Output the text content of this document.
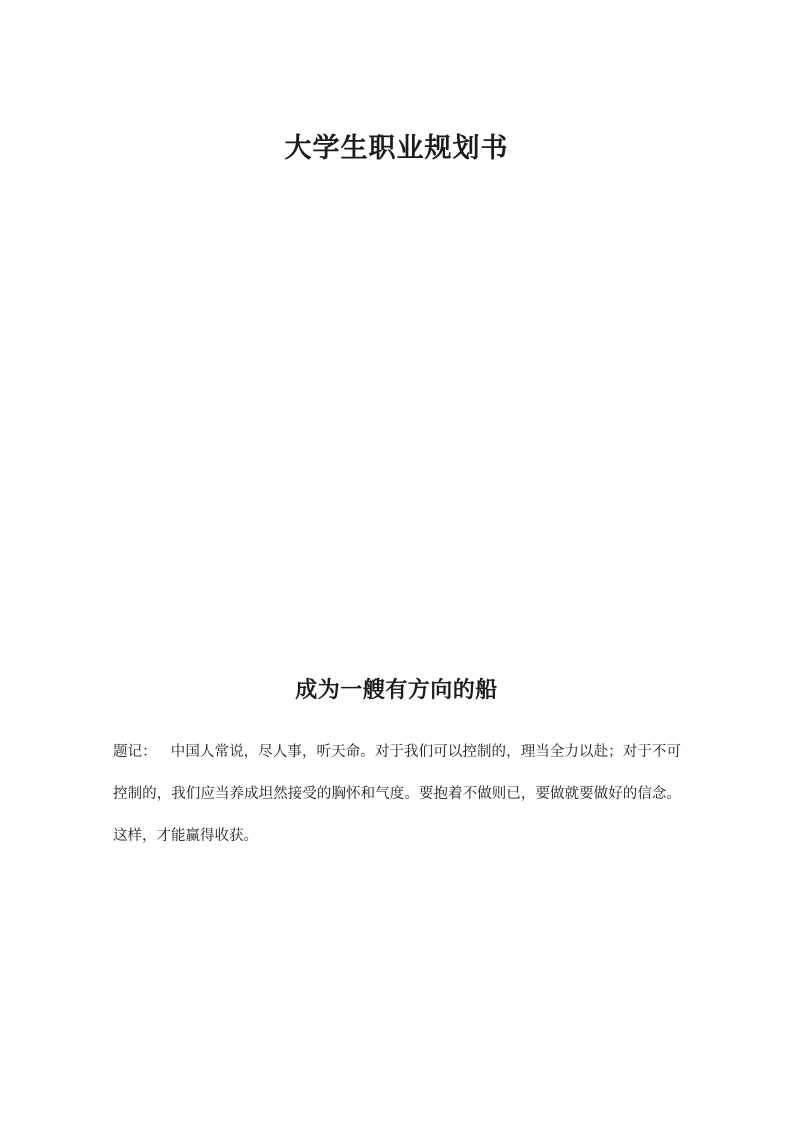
大学生职业规划书
成为一艘有方向的船

题记： 中国人常说，尽人事，听天命。对于我们可以控制的，理当全力以赴；对于不可控制的，我们应当养成坦然接受的胸怀和气度。要抱着不做则已，要做就要做好的信念。这样，才能赢得收获。
